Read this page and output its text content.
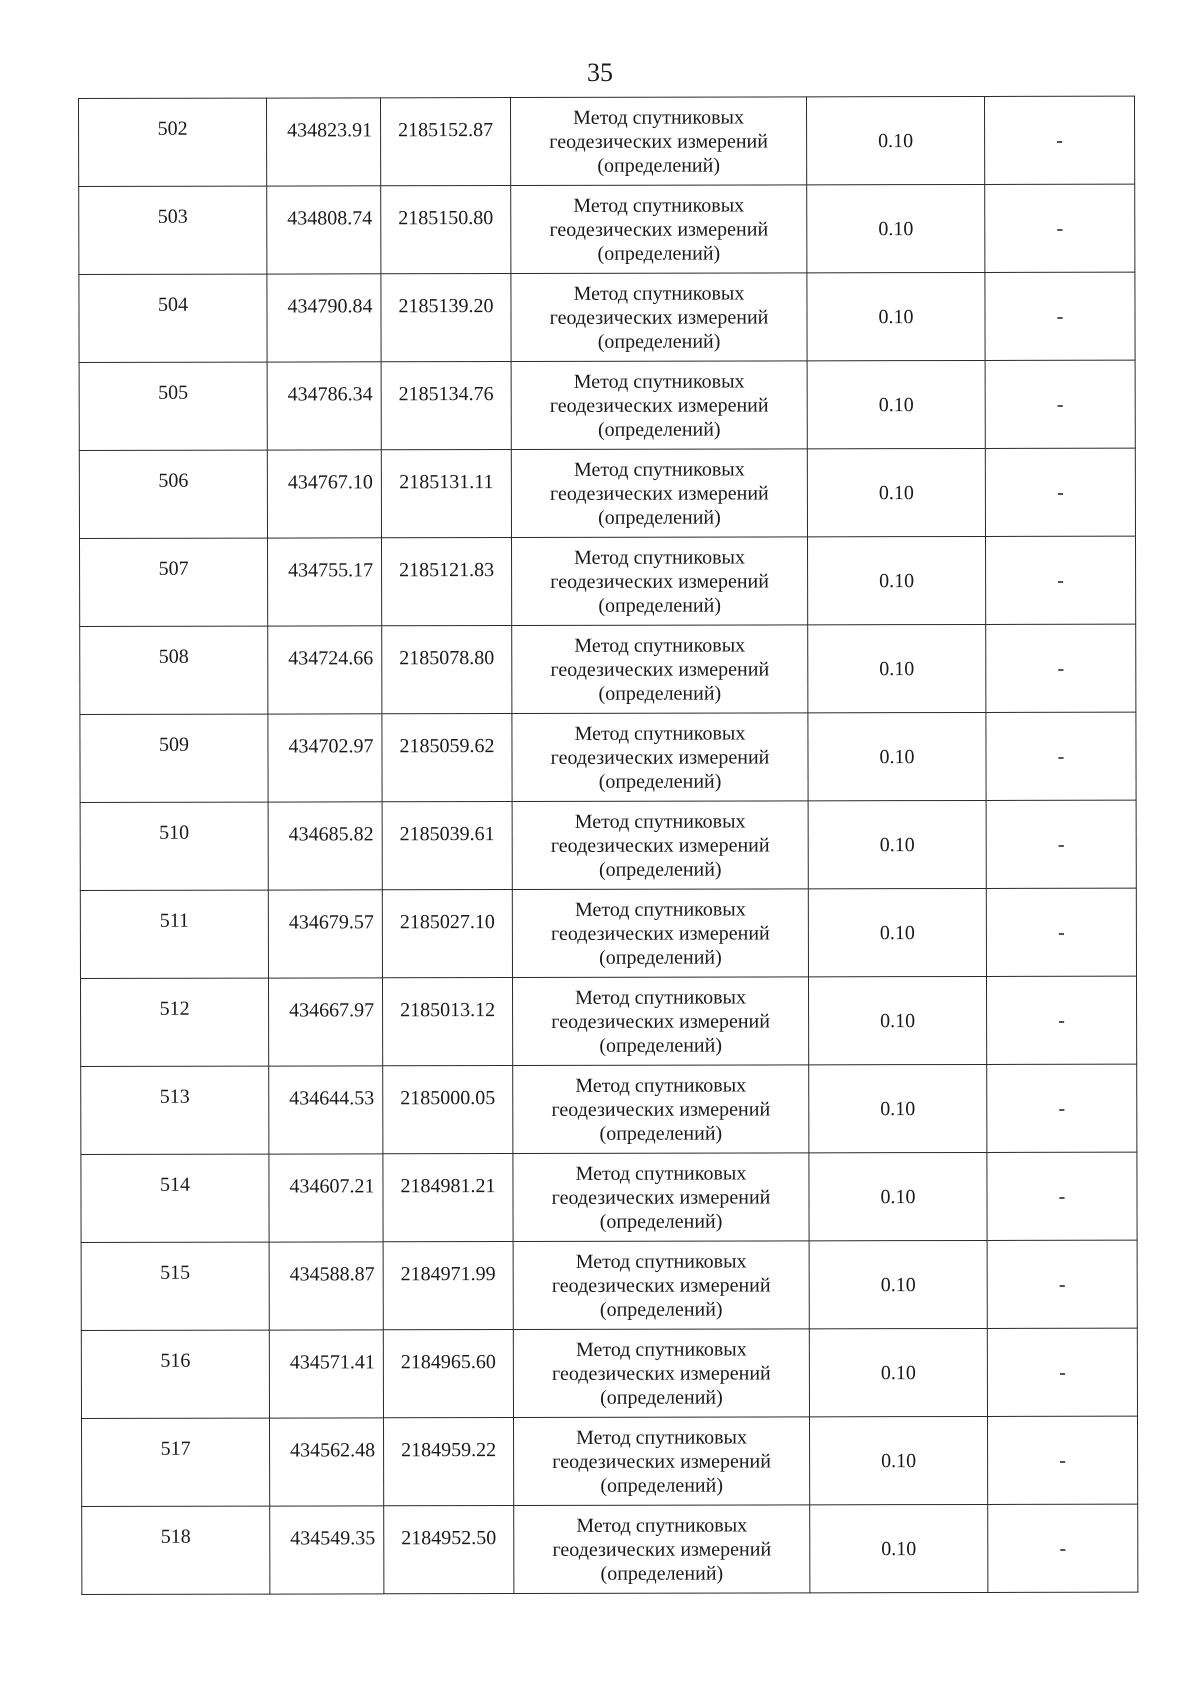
35
502	434823.91	2185152.87	Метод спутниковых
геодезических измерений
(определений)	0.10	-
503	434808.74	2185150.80	Метод спутниковых
геодезических измерений
(определений)	0.10	-
504	434790.84	2185139.20	Метод спутниковых
геодезических измерений
(определений)	0.10	-
505	434786.34	2185134.76	Метод спутниковых
геодезических измерений
(определений)	0.10	-
506	434767.10	2185131.11	Метод спутниковых
геодезических измерений
(определений)	0.10	-
507	434755.17	2185121.83	Метод спутниковых
геодезических измерений
(определений)	0.10	-
508	434724.66	2185078.80	Метод спутниковых
геодезических измерений
(определений)	0.10	-
509	434702.97	2185059.62	Метод спутниковых
геодезических измерений
(определений)	0.10	-
510	434685.82	2185039.61	Метод спутниковых
геодезических измерений
(определений)	0.10	-
511	434679.57	2185027.10	Метод спутниковых
геодезических измерений
(определений)	0.10	-
512	434667.97	2185013.12	Метод спутниковых
геодезических измерений
(определений)	0.10	-
513	434644.53	2185000.05	Метод спутниковых
геодезических измерений
(определений)	0.10	-
514	434607.21	2184981.21	Метод спутниковых
геодезических измерений
(определений)	0.10	-
515	434588.87	2184971.99	Метод спутниковых
геодезических измерений
(определений)	0.10	-
516	434571.41	2184965.60	Метод спутниковых
геодезических измерений
(определений)	0.10	-
517	434562.48	2184959.22	Метод спутниковых
геодезических измерений
(определений)	0.10	-
518	434549.35	2184952.50	Метод спутниковых
геодезических измерений
(определений)	0.10	-
